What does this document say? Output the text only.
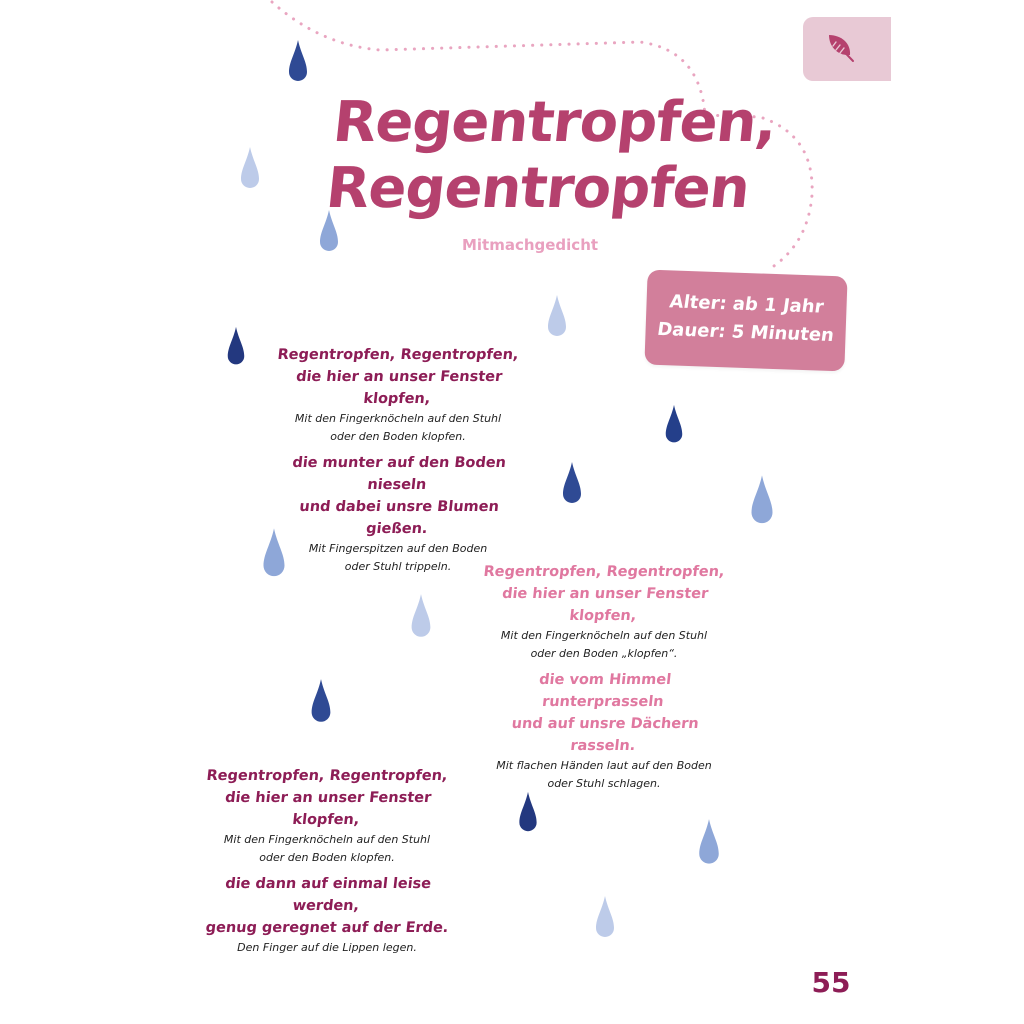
Regentropfen,
Regentropfen
Mitmachgedicht
Alter: ab 1 Jahr
Dauer: 5 Minuten
Regentropfen, Regentropfen,
die hier an unser Fenster klopfen,
Mit den Fingerknöcheln auf den Stuhl
oder den Boden klopfen.
die munter auf den Boden nieseln
und dabei unsre Blumen gießen.
Mit Fingerspitzen auf den Boden
oder Stuhl trippeln.	Regentropfen, Regentropfen,
die hier an unser Fenster klopfen,
Mit den Fingerknöcheln auf den Stuhl
oder den Boden „klopfen“.
die vom Himmel runterprasseln
und auf unsre Dächern rasseln.
Mit flachen Händen laut auf den Boden
oder Stuhl schlagen.
Regentropfen, Regentropfen,
die hier an unser Fenster klopfen,
Mit den Fingerknöcheln auf den Stuhl
oder den Boden klopfen.
die dann auf einmal leise werden,
genug geregnet auf der Erde.
Den Finger auf die Lippen legen.
55
